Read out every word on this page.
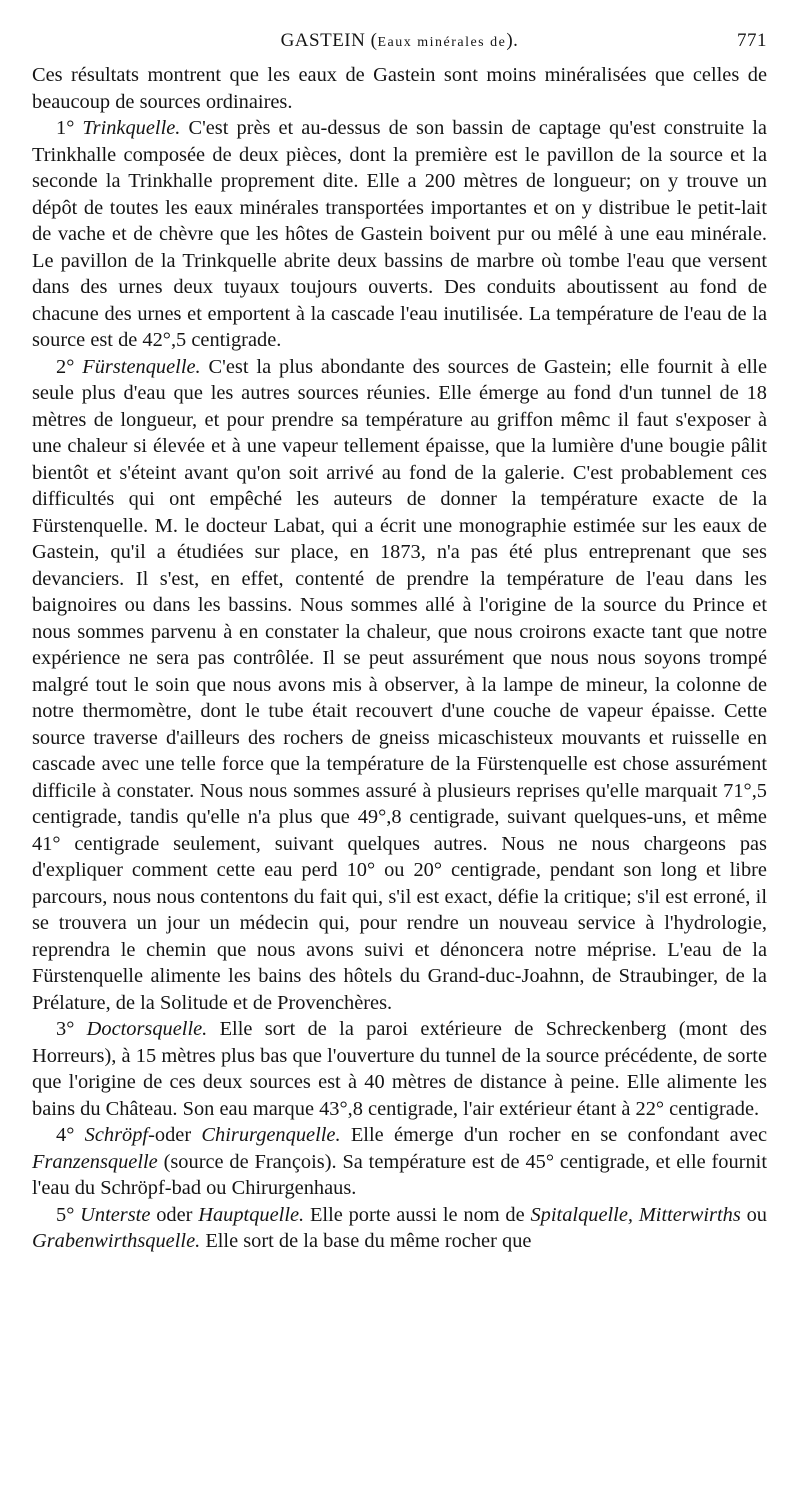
GASTEIN (Eaux minérales de).	771

Ces résultats montrent que les eaux de Gastein sont moins minéralisées que celles de beaucoup de sources ordinaires.

1° Trinkquelle. C'est près et au-dessus de son bassin de captage qu'est construite la Trinkhalle composée de deux pièces, dont la première est le pavillon de la source et la seconde la Trinkhalle proprement dite. Elle a 200 mètres de longueur; on y trouve un dépôt de toutes les eaux minérales transportées importantes et on y distribue le petit-lait de vache et de chèvre que les hôtes de Gastein boivent pur ou mêlé à une eau minérale. Le pavillon de la Trinkquelle abrite deux bassins de marbre où tombe l'eau que versent dans des urnes deux tuyaux toujours ouverts. Des conduits aboutissent au fond de chacune des urnes et emportent à la cascade l'eau inutilisée. La température de l'eau de la source est de 42°,5 centigrade.

2° Fürstenquelle. C'est la plus abondante des sources de Gastein; elle fournit à elle seule plus d'eau que les autres sources réunies. Elle émerge au fond d'un tunnel de 18 mètres de longueur, et pour prendre sa température au griffon mêmc il faut s'exposer à une chaleur si élevée et à une vapeur tellement épaisse, que la lumière d'une bougie pâlit bientôt et s'éteint avant qu'on soit arrivé au fond de la galerie. C'est probablement ces difficultés qui ont empêché les auteurs de donner la température exacte de la Fürstenquelle. M. le docteur Labat, qui a écrit une monographie estimée sur les eaux de Gastein, qu'il a étudiées sur place, en 1873, n'a pas été plus entreprenant que ses devanciers. Il s'est, en effet, contenté de prendre la température de l'eau dans les baignoires ou dans les bassins. Nous sommes allé à l'origine de la source du Prince et nous sommes parvenu à en constater la chaleur, que nous croirons exacte tant que notre expérience ne sera pas contrôlée. Il se peut assurément que nous nous soyons trompé malgré tout le soin que nous avons mis à observer, à la lampe de mineur, la colonne de notre thermomètre, dont le tube était recouvert d'une couche de vapeur épaisse. Cette source traverse d'ailleurs des rochers de gneiss micaschisteux mouvants et ruisselle en cascade avec une telle force que la température de la Fürstenquelle est chose assurément difficile à constater. Nous nous sommes assuré à plusieurs reprises qu'elle marquait 71°,5 centigrade, tandis qu'elle n'a plus que 49°,8 centigrade, suivant quelques-uns, et même 41° centigrade seulement, suivant quelques autres. Nous ne nous chargeons pas d'expliquer comment cette eau perd 10° ou 20° centigrade, pendant son long et libre parcours, nous nous contentons du fait qui, s'il est exact, défie la critique; s'il est erroné, il se trouvera un jour un médecin qui, pour rendre un nouveau service à l'hydrologie, reprendra le chemin que nous avons suivi et dénoncera notre méprise. L'eau de la Fürstenquelle alimente les bains des hôtels du Grand-duc-Joahnn, de Straubinger, de la Prélature, de la Solitude et de Provenchères.

3° Doctorsquelle. Elle sort de la paroi extérieure de Schreckenberg (mont des Horreurs), à 15 mètres plus bas que l'ouverture du tunnel de la source précédente, de sorte que l'origine de ces deux sources est à 40 mètres de distance à peine. Elle alimente les bains du Château. Son eau marque 43°,8 centigrade, l'air extérieur étant à 22° centigrade.

4° Schröpf-oder Chirurgenquelle. Elle émerge d'un rocher en se confondant avec Franzensquelle (source de François). Sa température est de 45° centigrade, et elle fournit l'eau du Schröpf-bad ou Chirurgenhaus.

5° Unterste oder Hauptquelle. Elle porte aussi le nom de Spitalquelle, Mitterwirths ou Grabenwirthsquelle. Elle sort de la base du même rocher que
